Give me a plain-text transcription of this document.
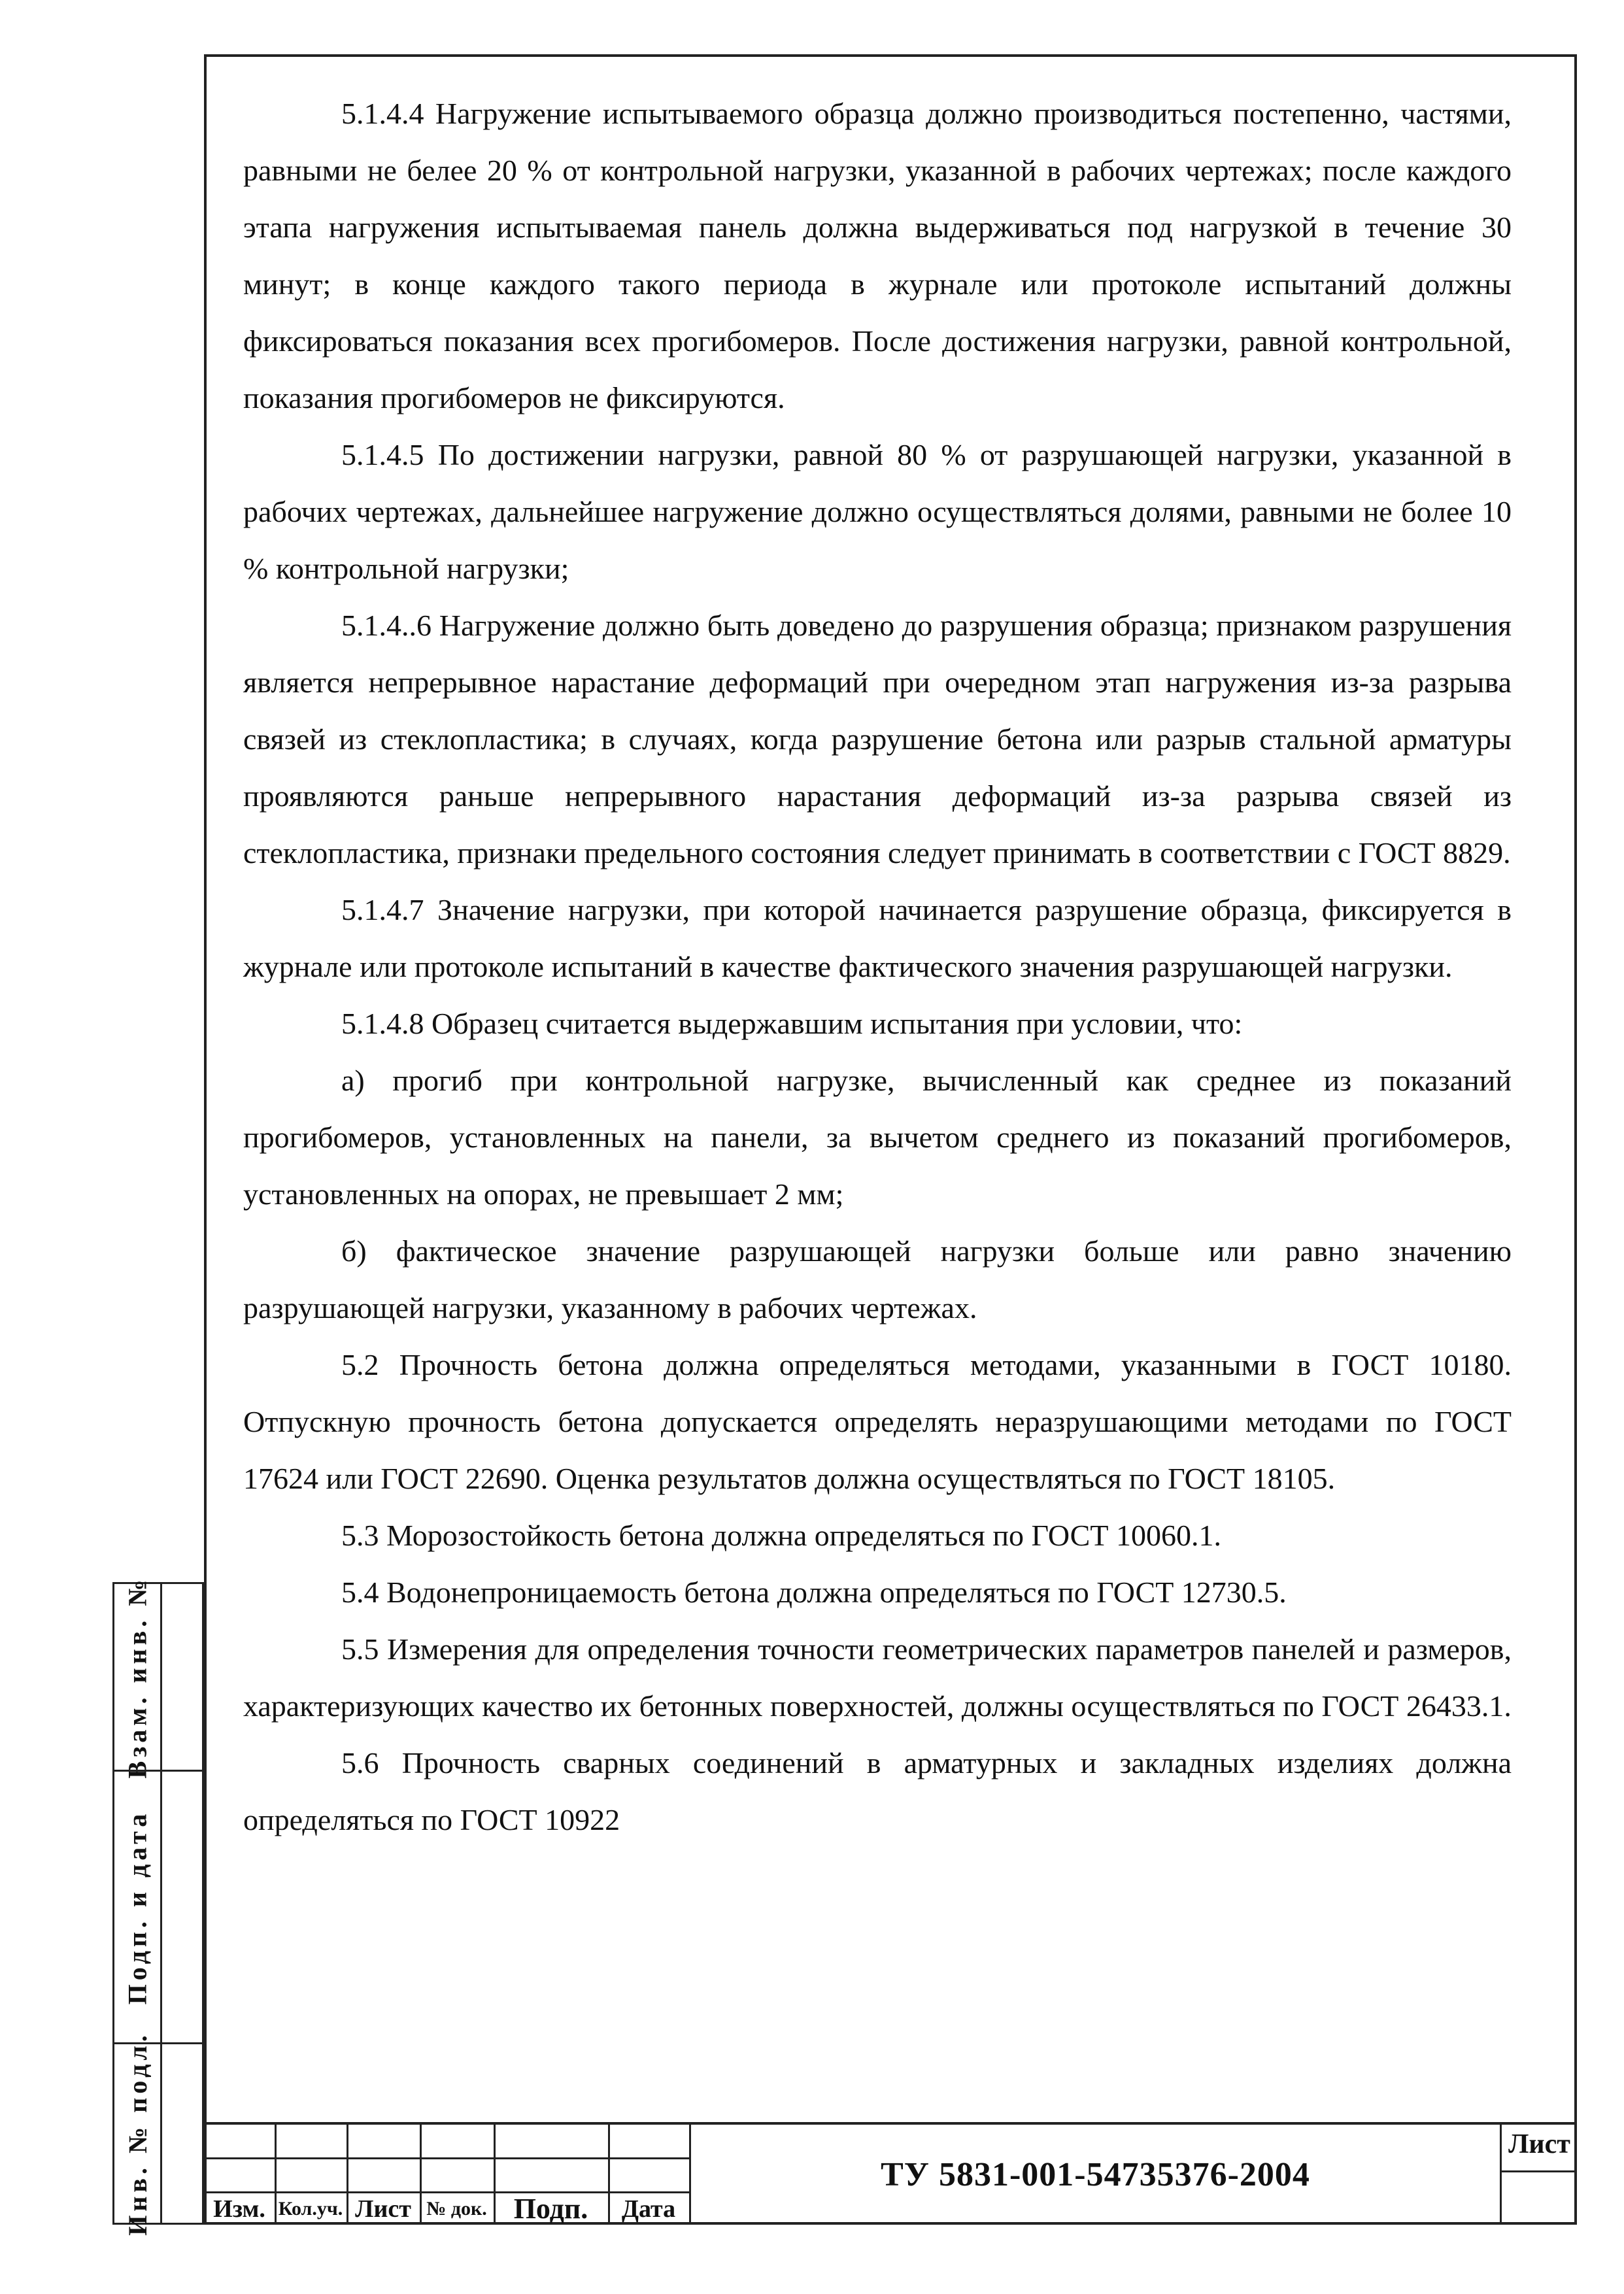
5.1.4.4 Нагружение испытываемого образца должно производиться постепенно, частями, равными не белее 20 % от контрольной нагрузки, указанной в рабочих чертежах; после каждого этапа нагружения испытываемая панель должна выдерживаться под нагрузкой в течение 30 минут; в конце каждого такого периода в журнале или протоколе испытаний должны фиксироваться показания всех прогибомеров. После достижения нагрузки, равной контрольной, показания прогибомеров не фиксируются.

5.1.4.5 По достижении нагрузки, равной 80 % от разрушающей нагрузки, указанной в рабочих чертежах, дальнейшее нагружение должно осуществляться долями, равными не более 10 % контрольной нагрузки;

5.1.4..6 Нагружение должно быть доведено до разрушения образца; признаком разрушения является непрерывное нарастание деформаций при очередном этап нагружения из-за разрыва связей из стеклопластика; в случаях, когда разрушение бетона или разрыв стальной арматуры проявляются раньше непрерывного нарастания деформаций из-за разрыва связей из стеклопластика, признаки предельного состояния следует принимать в соответствии с ГОСТ 8829.

5.1.4.7 Значение нагрузки, при которой начинается разрушение образца, фиксируется в журнале или протоколе испытаний в качестве фактического значения разрушающей нагрузки.

5.1.4.8 Образец считается выдержавшим испытания при условии, что:

а) прогиб при контрольной нагрузке, вычисленный как среднее из показаний прогибомеров, установленных на панели, за вычетом среднего из показаний прогибомеров, установленных на опорах, не превышает 2 мм;

б) фактическое значение разрушающей нагрузки больше или равно значению разрушающей нагрузки, указанному в рабочих чертежах.

5.2 Прочность бетона должна определяться методами, указанными в ГОСТ 10180. Отпускную прочность бетона допускается определять неразрушающими методами по ГОСТ 17624 или ГОСТ 22690. Оценка результатов должна осуществляться по ГОСТ 18105.

5.3 Морозостойкость бетона должна определяться по ГОСТ 10060.1.

5.4 Водонепроницаемость бетона должна определяться по ГОСТ 12730.5.

5.5 Измерения для определения точности геометрических параметров панелей и размеров, характеризующих качество их бетонных поверхностей, должны осуществляться по ГОСТ 26433.1.

5.6 Прочность сварных соединений в арматурных и закладных изделиях должна определяться по ГОСТ 10922

Взам. инв. №
Подп. и дата
Инв. № подл.	Изм. Кол.уч. Лист № док. Подп.	Дата
ТУ 5831-001-54735376-2004
Лист
